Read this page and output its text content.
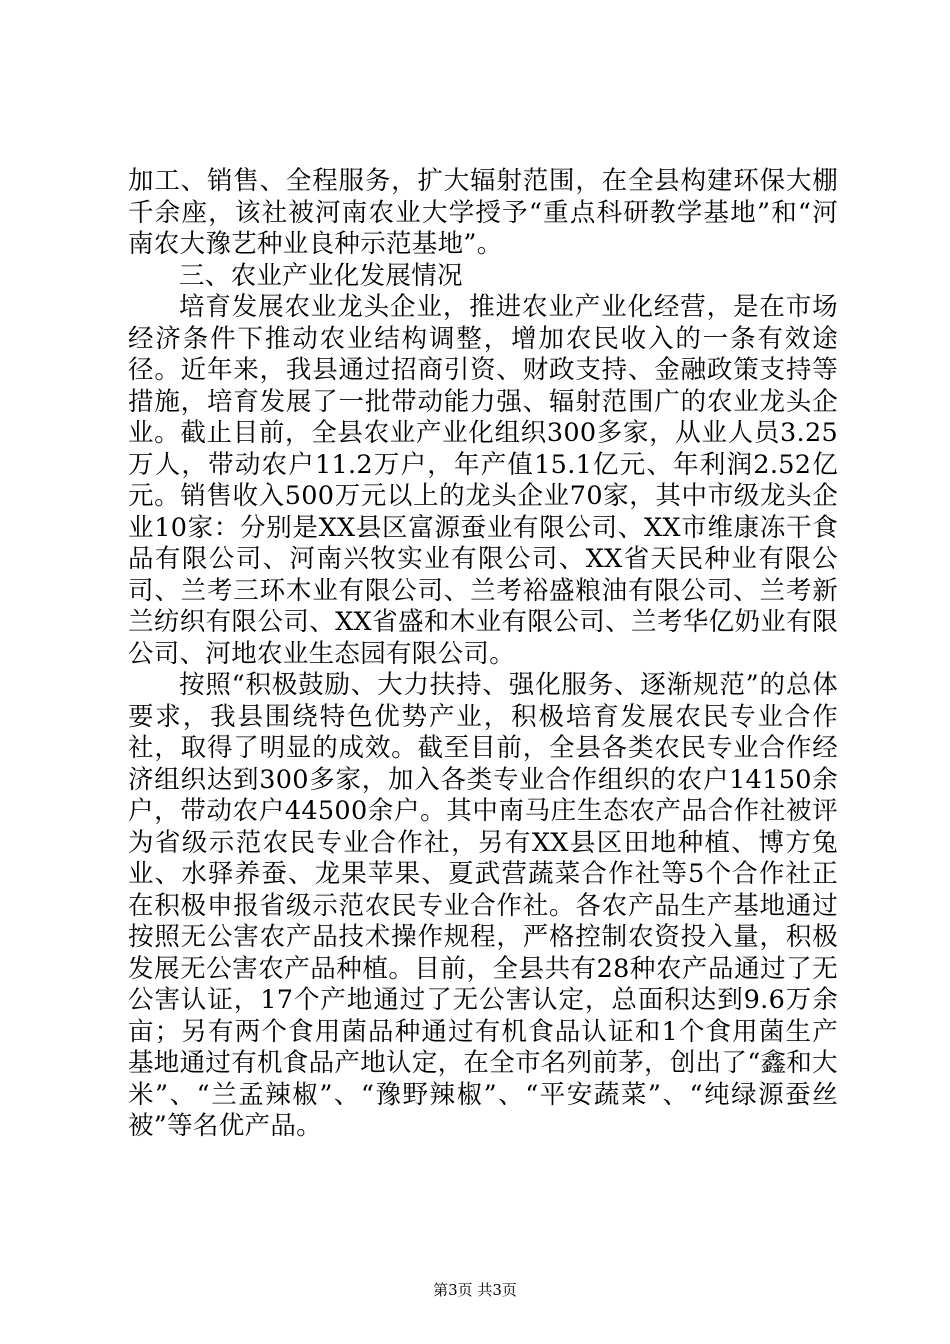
加工、销售、全程服务，扩大辐射范围，在全县构建环保大棚千余座，该社被河南农业大学授予“重点科研教学基地”和“河南农大豫艺种业良种示范基地”。

三、农业产业化发展情况

培育发展农业龙头企业，推进农业产业化经营，是在市场经济条件下推动农业结构调整，增加农民收入的一条有效途径。近年来，我县通过招商引资、财政支持、金融政策支持等措施，培育发展了一批带动能力强、辐射范围广的农业龙头企业。截止目前，全县农业产业化组织300多家，从业人员3.25万人，带动农户11.2万户，年产值15.1亿元、年利润2.52亿元。销售收入500万元以上的龙头企业70家，其中市级龙头企业10家：分别是XX县区富源蚕业有限公司、XX市维康冻干食品有限公司、河南兴牧实业有限公司、XX省天民种业有限公司、兰考三环木业有限公司、兰考裕盛粮油有限公司、兰考新兰纺织有限公司、XX省盛和木业有限公司、兰考华亿奶业有限公司、河地农业生态园有限公司。

按照“积极鼓励、大力扶持、强化服务、逐渐规范”的总体要求，我县围绕特色优势产业，积极培育发展农民专业合作社，取得了明显的成效。截至目前，全县各类农民专业合作经济组织达到300多家，加入各类专业合作组织的农户14150余户，带动农户44500余户。其中南马庄生态农产品合作社被评为省级示范农民专业合作社，另有XX县区田地种植、博方兔业、水驿养蚕、龙果苹果、夏武营蔬菜合作社等5个合作社正在积极申报省级示范农民专业合作社。各农产品生产基地通过按照无公害农产品技术操作规程，严格控制农资投入量，积极发展无公害农产品种植。目前，全县共有28种农产品通过了无公害认证，17个产地通过了无公害认定，总面积达到9.6万余亩；另有两个食用菌品种通过有机食品认证和1个食用菌生产基地通过有机食品产地认定，在全市名列前茅，创出了“鑫和大米”、“兰孟辣椒”、“豫野辣椒”、“平安蔬菜”、“纯绿源蚕丝被”等名优产品。

第3页 共3页
